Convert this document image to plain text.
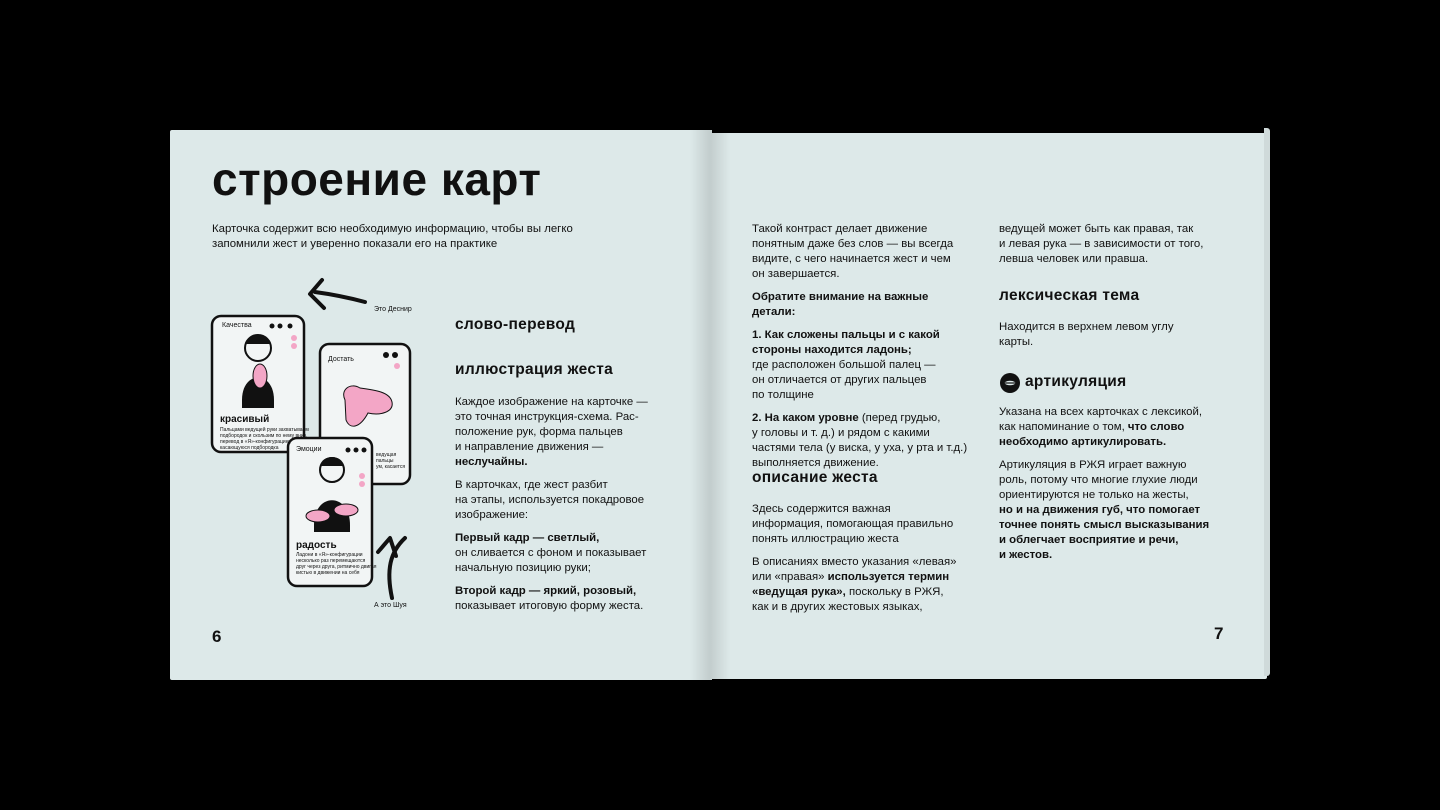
строение карт
Карточка содержит всю необходимую информацию, чтобы вы легко
запомнили жест и уверенно показали его на практике
Качества
красивый
Пальцами ведущей руки захватываем
подбородок и скользим по нему вниз,
перевод в «Я»-конфигурацию,
касающуюся подбородка
Достать
ведущая
пальцы
ум, касается
Эмоции
радость
Ладони в «Я»-конфигурации
несколько раз перемещаются
друг через друга, ритмично двигая
кистью в движении на себя
Это Деснир
А это Шуя
слово-перевод
иллюстрация жеста
Каждое изображение на карточке —
это точная инструкция-схема. Рас-
положение рук, форма пальцев
и направление движения —
неслучайны.
В карточках, где жест разбит
на этапы, используется покадровое
изображение:
Первый кадр — светлый,
он сливается с фоном и показывает
начальную позицию руки;
Второй кадр — яркий, розовый,
показывает итоговую форму жеста.
6
Такой контраст делает движение
понятным даже без слов — вы всегда
видите, с чего начинается жест и чем
он завершается.
Обратите внимание на важные
детали:
1. Как сложены пальцы и с какой
стороны находится ладонь;
где расположен большой палец —
он отличается от других пальцев
по толщине
2. На каком уровне (перед грудью,
у головы и т. д.) и рядом с какими
частями тела (у виска, у уха, у рта и т.д.)
выполняется движение.
описание жеста
Здесь содержится важная
информация, помогающая правильно
понять иллюстрацию жеста
В описаниях вместо указания «левая»
или «правая» используется термин
«ведущая рука», поскольку в РЖЯ,
как и в других жестовых языках,
ведущей может быть как правая, так
и левая рука — в зависимости от того,
левша человек или правша.
лексическая тема
Находится в верхнем левом углу
карты.
артикуляция
Указана на всех карточках с лексикой,
как напоминание о том, что слово
необходимо артикулировать.
Артикуляция в РЖЯ играет важную
роль, потому что многие глухие люди
ориентируются не только на жесты,
но и на движения губ, что помогает
точнее понять смысл высказывания
и облегчает восприятие и речи,
и жестов.
7
